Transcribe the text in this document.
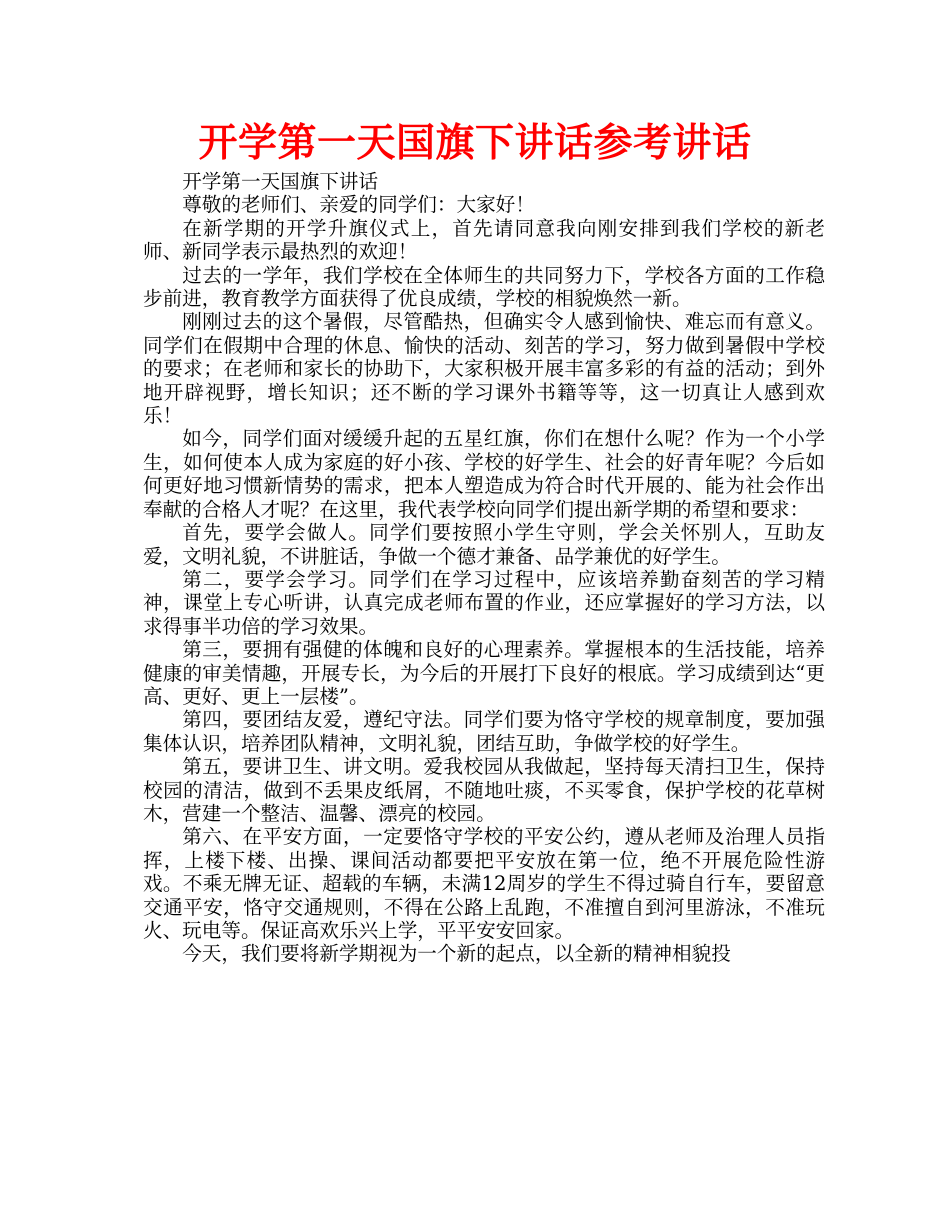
开学第一天国旗下讲话参考讲话

开学第一天国旗下讲话

尊敬的老师们、亲爱的同学们：大家好！

在新学期的开学升旗仪式上，首先请同意我向刚安排到我们学校的新老师、新同学表示最热烈的欢迎！

过去的一学年，我们学校在全体师生的共同努力下，学校各方面的工作稳步前进，教育教学方面获得了优良成绩，学校的相貌焕然一新。

刚刚过去的这个暑假，尽管酷热，但确实令人感到愉快、难忘而有意义。同学们在假期中合理的休息、愉快的活动、刻苦的学习，努力做到暑假中学校的要求；在老师和家长的协助下，大家积极开展丰富多彩的有益的活动；到外地开辟视野，增长知识；还不断的学习课外书籍等等，这一切真让人感到欢乐！

如今，同学们面对缓缓升起的五星红旗，你们在想什么呢？作为一个小学生，如何使本人成为家庭的好小孩、学校的好学生、社会的好青年呢？今后如何更好地习惯新情势的需求，把本人塑造成为符合时代开展的、能为社会作出奉献的合格人才呢？在这里，我代表学校向同学们提出新学期的希望和要求：

首先，要学会做人。同学们要按照小学生守则，学会关怀别人，互助友爱，文明礼貌，不讲脏话，争做一个德才兼备、品学兼优的好学生。

第二，要学会学习。同学们在学习过程中，应该培养勤奋刻苦的学习精神，课堂上专心听讲，认真完成老师布置的作业，还应掌握好的学习方法，以求得事半功倍的学习效果。

第三，要拥有强健的体魄和良好的心理素养。掌握根本的生活技能，培养健康的审美情趣，开展专长，为今后的开展打下良好的根底。学习成绩到达“更高、更好、更上一层楼”。

第四，要团结友爱，遵纪守法。同学们要为恪守学校的规章制度，要加强集体认识，培养团队精神，文明礼貌，团结互助，争做学校的好学生。

第五，要讲卫生、讲文明。爱我校园从我做起，坚持每天清扫卫生，保持校园的清洁，做到不丢果皮纸屑，不随地吐痰，不买零食，保护学校的花草树木，营建一个整洁、温馨、漂亮的校园。

第六、在平安方面，一定要恪守学校的平安公约，遵从老师及治理人员指挥，上楼下楼、出操、课间活动都要把平安放在第一位，绝不开展危险性游戏。不乘无牌无证、超载的车辆，未满12周岁的学生不得过骑自行车，要留意交通平安，恪守交通规则，不得在公路上乱跑，不准擅自到河里游泳，不准玩火、玩电等。保证高欢乐兴上学，平平安安回家。

今天，我们要将新学期视为一个新的起点，以全新的精神相貌投
